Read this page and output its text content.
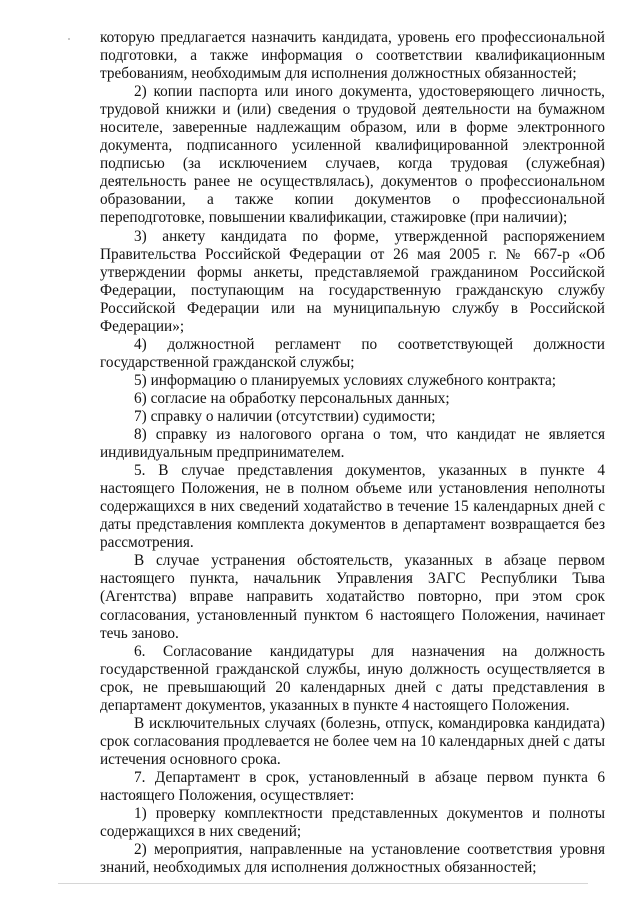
которую предлагается назначить кандидата, уровень его профессиональной подготовки, а также информация о соответствии квалификационным требованиям, необходимым для исполнения должностных обязанностей;

2) копии паспорта или иного документа, удостоверяющего личность, трудовой книжки и (или) сведения о трудовой деятельности на бумажном носителе, заверенные надлежащим образом, или в форме электронного документа, подписанного усиленной квалифицированной электронной подписью (за исключением случаев, когда трудовая (служебная) деятельность ранее не осуществлялась), документов о профессиональном образовании, а также копии документов о профессиональной переподготовке, повышении квалификации, стажировке (при наличии);

3) анкету кандидата по форме, утвержденной распоряжением Правительства Российской Федерации от 26 мая 2005 г. № 667-р «Об утверждении формы анкеты, представляемой гражданином Российской Федерации, поступающим на государственную гражданскую службу Российской Федерации или на муниципальную службу в Российской Федерации»;

4) должностной регламент по соответствующей должности государственной гражданской службы;

5) информацию о планируемых условиях служебного контракта;

6) согласие на обработку персональных данных;

7) справку о наличии (отсутствии) судимости;

8) справку из налогового органа о том, что кандидат не является индивидуальным предпринимателем.

5. В случае представления документов, указанных в пункте 4 настоящего Положения, не в полном объеме или установления неполноты содержащихся в них сведений ходатайство в течение 15 календарных дней с даты представления комплекта документов в департамент возвращается без рассмотрения.

В случае устранения обстоятельств, указанных в абзаце первом настоящего пункта, начальник Управления ЗАГС Республики Тыва (Агентства) вправе направить ходатайство повторно, при этом срок согласования, установленный пунктом 6 настоящего Положения, начинает течь заново.

6. Согласование кандидатуры для назначения на должность государственной гражданской службы, иную должность осуществляется в срок, не превышающий 20 календарных дней с даты представления в департамент документов, указанных в пункте 4 настоящего Положения.

В исключительных случаях (болезнь, отпуск, командировка кандидата) срок согласования продлевается не более чем на 10 календарных дней с даты истечения основного срока.

7. Департамент в срок, установленный в абзаце первом пункта 6 настоящего Положения, осуществляет:

1) проверку комплектности представленных документов и полноты содержащихся в них сведений;

2) мероприятия, направленные на установление соответствия уровня знаний, необходимых для исполнения должностных обязанностей;
